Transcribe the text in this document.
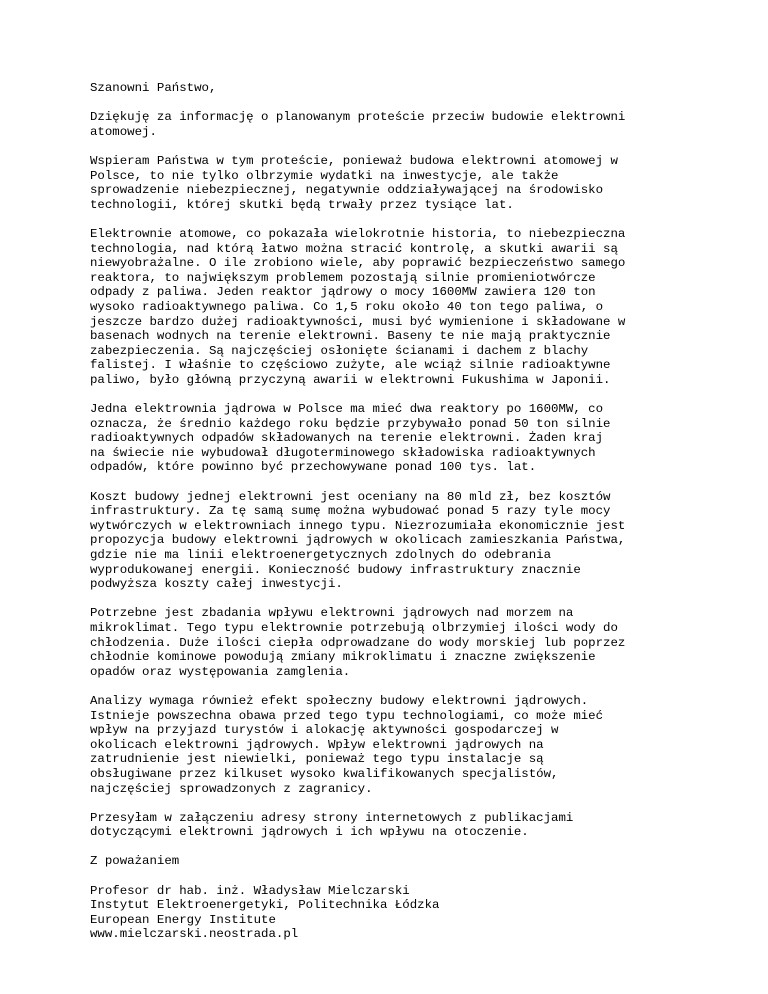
Szanowni Państwo,

Dziękuję za informację o planowanym proteście przeciw budowie elektrowni
atomowej.

Wspieram Państwa w tym proteście, ponieważ budowa elektrowni atomowej w
Polsce, to nie tylko olbrzymie wydatki na inwestycje, ale także
sprowadzenie niebezpiecznej, negatywnie oddziaływającej na środowisko
technologii, której skutki będą trwały przez tysiące lat.

Elektrownie atomowe, co pokazała wielokrotnie historia, to niebezpieczna
technologia, nad którą łatwo można stracić kontrolę, a skutki awarii są
niewyobrażalne. O ile zrobiono wiele, aby poprawić bezpieczeństwo samego
reaktora, to największym problemem pozostają silnie promieniotwórcze
odpady z paliwa. Jeden reaktor jądrowy o mocy 1600MW zawiera 120 ton
wysoko radioaktywnego paliwa. Co 1,5 roku około 40 ton tego paliwa, o
jeszcze bardzo dużej radioaktywności, musi być wymienione i składowane w
basenach wodnych na terenie elektrowni. Baseny te nie mają praktycznie
zabezpieczenia. Są najczęściej osłonięte ścianami i dachem z blachy
falistej. I właśnie to częściowo zużyte, ale wciąż silnie radioaktywne
paliwo, było główną przyczyną awarii w elektrowni Fukushima w Japonii.

Jedna elektrownia jądrowa w Polsce ma mieć dwa reaktory po 1600MW, co
oznacza, że średnio każdego roku będzie przybywało ponad 50 ton silnie
radioaktywnych odpadów składowanych na terenie elektrowni. Żaden kraj
na świecie nie wybudował długoterminowego składowiska radioaktywnych
odpadów, które powinno być przechowywane ponad 100 tys. lat.

Koszt budowy jednej elektrowni jest oceniany na 80 mld zł, bez kosztów
infrastruktury. Za tę samą sumę można wybudować ponad 5 razy tyle mocy
wytwórczych w elektrowniach innego typu. Niezrozumiała ekonomicznie jest
propozycja budowy elektrowni jądrowych w okolicach zamieszkania Państwa,
gdzie nie ma linii elektroenergetycznych zdolnych do odebrania
wyprodukowanej energii. Konieczność budowy infrastruktury znacznie
podwyższa koszty całej inwestycji.

Potrzebne jest zbadania wpływu elektrowni jądrowych nad morzem na
mikroklimat. Tego typu elektrownie potrzebują olbrzymiej ilości wody do
chłodzenia. Duże ilości ciepła odprowadzane do wody morskiej lub poprzez
chłodnie kominowe powodują zmiany mikroklimatu i znaczne zwiększenie
opadów oraz występowania zamglenia.

Analizy wymaga również efekt społeczny budowy elektrowni jądrowych.
Istnieje powszechna obawa przed tego typu technologiami, co może mieć
wpływ na przyjazd turystów i alokację aktywności gospodarczej w
okolicach elektrowni jądrowych. Wpływ elektrowni jądrowych na
zatrudnienie jest niewielki, ponieważ tego typu instalacje są
obsługiwane przez kilkuset wysoko kwalifikowanych specjalistów,
najczęściej sprowadzonych z zagranicy.

Przesyłam w załączeniu adresy strony internetowych z publikacjami
dotyczącymi elektrowni jądrowych i ich wpływu na otoczenie.

Z poważaniem

Profesor dr hab. inż. Władysław Mielczarski
Instytut Elektroenergetyki, Politechnika Łódzka
European Energy Institute
www.mielczarski.neostrada.pl
